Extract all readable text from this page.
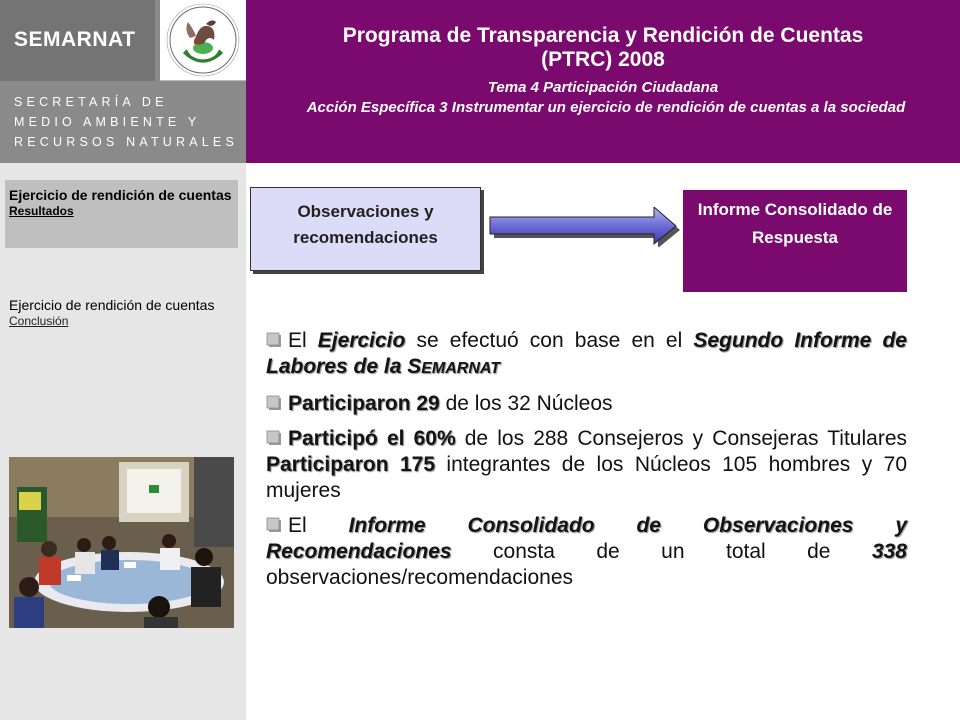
SEMARNAT
SECRETARÍA DE
MEDIO AMBIENTE Y
RECURSOS NATURALES
Programa de Transparencia y Rendición de Cuentas
(PTRC) 2008
Tema 4 Participación Ciudadana
Acción Específica 3 Instrumentar un ejercicio de rendición de cuentas a la sociedad
Ejercicio de rendición de cuentas
Resultados
Ejercicio de rendición de cuentas
Conclusión
Observaciones y recomendaciones
Informe Consolidado de Respuesta
El Ejercicio se efectuó con base en el Segundo Informe de Labores de la SEMARNAT
Participaron 29 de los 32 Núcleos
Participó el 60% de los 288 Consejeros y Consejeras Titulares Participaron 175 integrantes de los Núcleos 105 hombres y 70 mujeres
El Informe Consolidado de Observaciones y Recomendaciones consta de un total de 338 observaciones/recomendaciones
